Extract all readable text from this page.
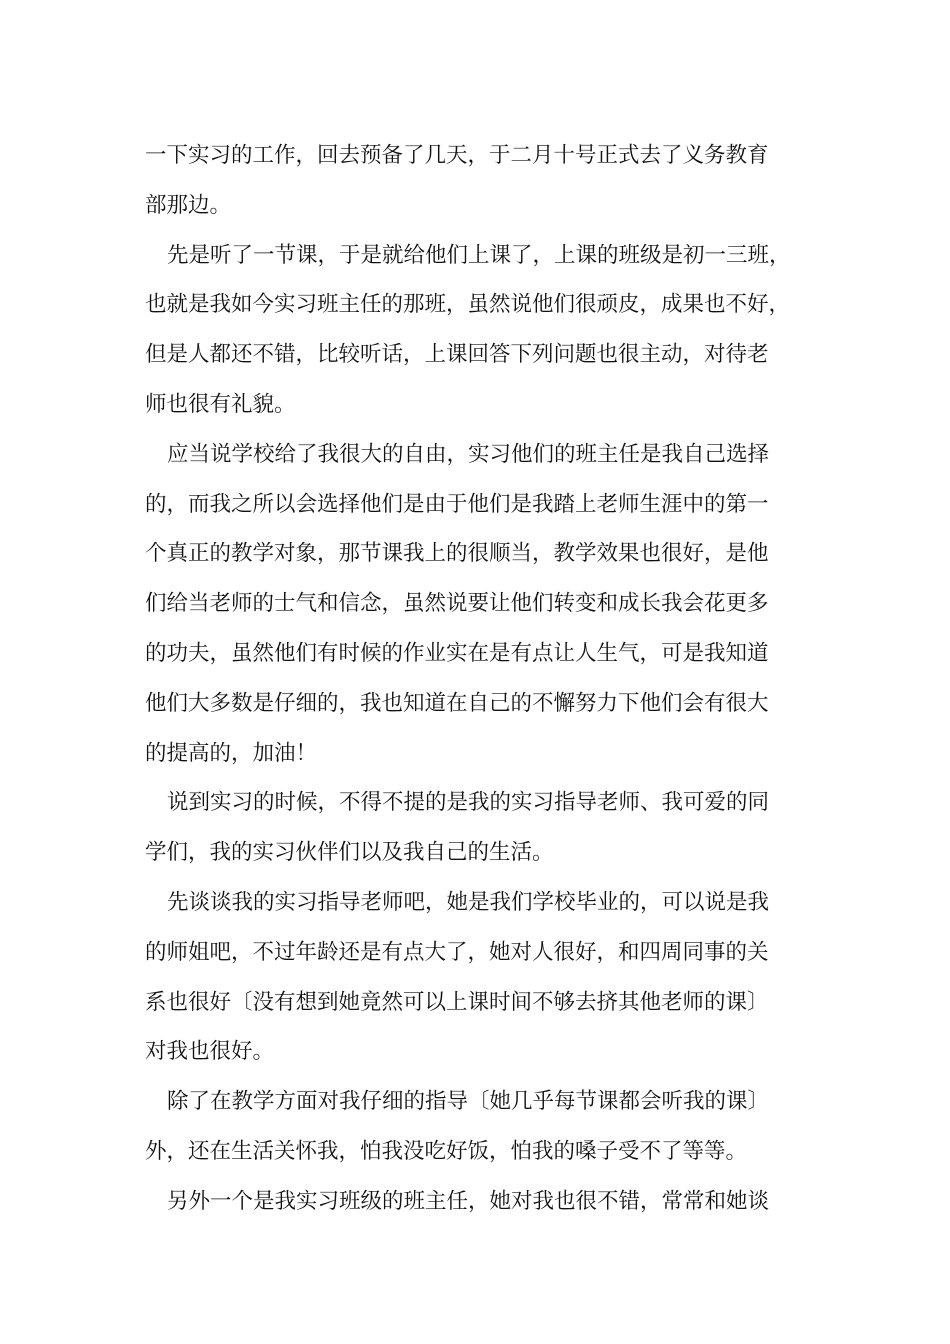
一下实习的工作，回去预备了几天，于二月十号正式去了义务教育
部那边。
先是听了一节课，于是就给他们上课了，上课的班级是初一三班，
也就是我如今实习班主任的那班，虽然说他们很顽皮，成果也不好，
但是人都还不错，比较听话，上课回答下列问题也很主动，对待老
师也很有礼貌。
应当说学校给了我很大的自由，实习他们的班主任是我自己选择
的，而我之所以会选择他们是由于他们是我踏上老师生涯中的第一
个真正的教学对象，那节课我上的很顺当，教学效果也很好，是他
们给当老师的士气和信念，虽然说要让他们转变和成长我会花更多
的功夫，虽然他们有时候的作业实在是有点让人生气，可是我知道
他们大多数是仔细的，我也知道在自己的不懈努力下他们会有很大
的提高的，加油！
说到实习的时候，不得不提的是我的实习指导老师、我可爱的同
学们，我的实习伙伴们以及我自己的生活。
先谈谈我的实习指导老师吧，她是我们学校毕业的，可以说是我
的师姐吧，不过年龄还是有点大了，她对人很好，和四周同事的关
系也很好〔没有想到她竟然可以上课时间不够去挤其他老师的课〕
对我也很好。
除了在教学方面对我仔细的指导〔她几乎每节课都会听我的课〕
外，还在生活关怀我，怕我没吃好饭，怕我的嗓子受不了等等。
另外一个是我实习班级的班主任，她对我也很不错，常常和她谈
